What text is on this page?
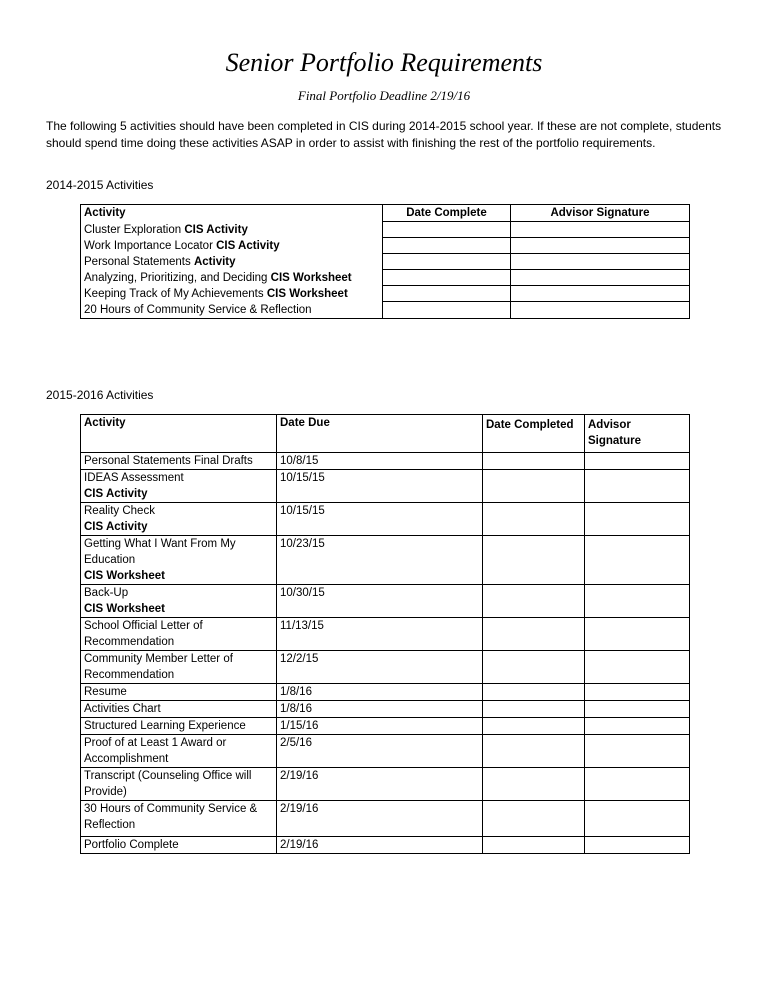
Senior Portfolio Requirements
Final Portfolio Deadline 2/19/16
The following 5 activities should have been completed in CIS during 2014-2015 school year. If these are not complete, students should spend time doing these activities ASAP in order to assist with finishing the rest of the portfolio requirements.
2014-2015 Activities
Activity	Date Complete	Advisor Signature
Cluster Exploration CIS Activity		
Work Importance Locator CIS Activity		
Personal Statements Activity		
Analyzing, Prioritizing, and Deciding CIS Worksheet		
Keeping Track of My Achievements CIS Worksheet		
20 Hours of Community Service & Reflection		
2015-2016 Activities
Activity	Date Due	Date Completed	Advisor Signature

Personal Statements Final Drafts	10/8/15		

IDEAS Assessment
CIS Activity	10/15/15		

Reality Check
CIS Activity	10/15/15		

Getting What I Want From My Education
CIS Worksheet	10/23/15		

Back-Up
CIS Worksheet	10/30/15		

School Official Letter of Recommendation	11/13/15		

Community Member Letter of Recommendation	12/2/15		

Resume	1/8/16		

Activities Chart	1/8/16		

Structured Learning Experience	1/15/16		

Proof of at Least 1 Award or Accomplishment	2/5/16		

Transcript (Counseling Office will Provide)	2/19/16		

30 Hours of Community Service & Reflection	2/19/16		

Portfolio Complete	2/19/16		
